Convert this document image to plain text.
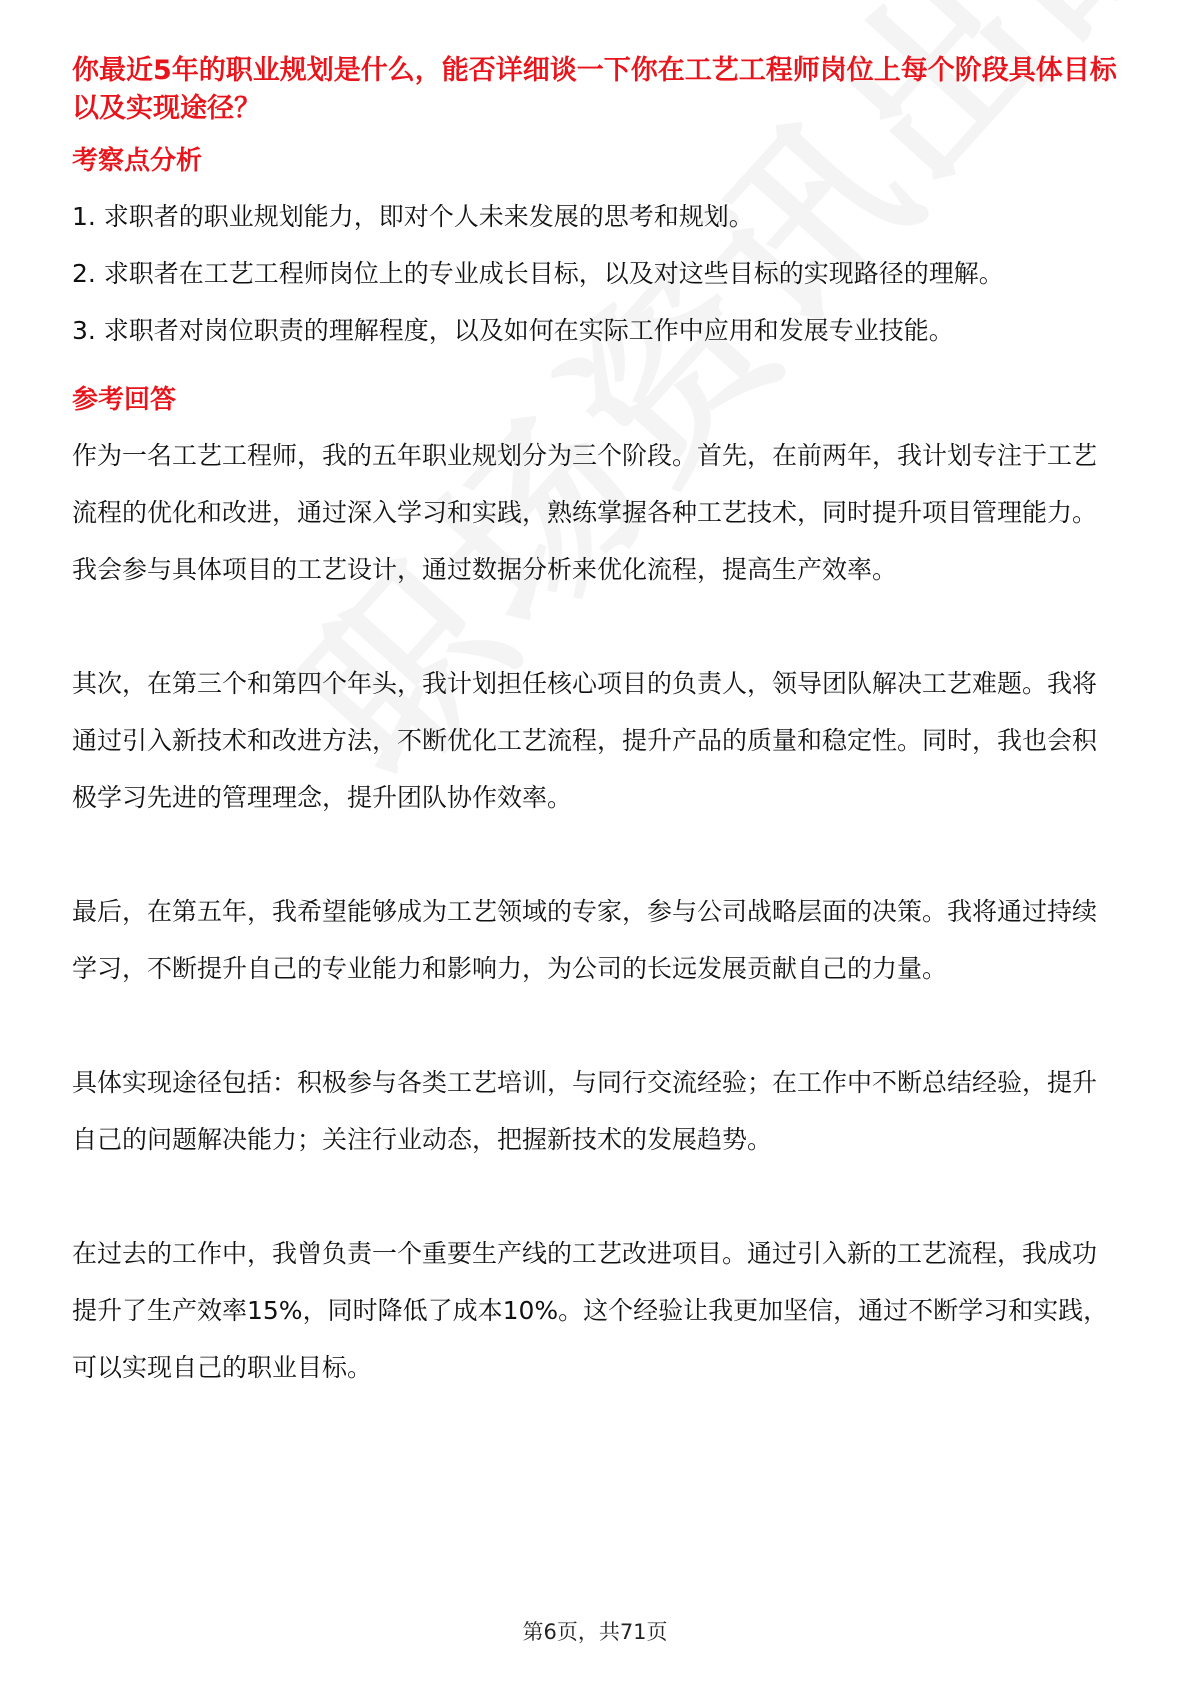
你最近5年的职业规划是什么，能否详细谈一下你在工艺工程师岗位上每个阶段具体目标以及实现途径？

考察点分析

1. 求职者的职业规划能力，即对个人未来发展的思考和规划。

2. 求职者在工艺工程师岗位上的专业成长目标，以及对这些目标的实现路径的理解。

3. 求职者对岗位职责的理解程度，以及如何在实际工作中应用和发展专业技能。

参考回答

作为一名工艺工程师，我的五年职业规划分为三个阶段。首先，在前两年，我计划专注于工艺流程的优化和改进，通过深入学习和实践，熟练掌握各种工艺技术，同时提升项目管理能力。我会参与具体项目的工艺设计，通过数据分析来优化流程，提高生产效率。

其次，在第三个和第四个年头，我计划担任核心项目的负责人，领导团队解决工艺难题。我将通过引入新技术和改进方法，不断优化工艺流程，提升产品的质量和稳定性。同时，我也会积极学习先进的管理理念，提升团队协作效率。

最后，在第五年，我希望能够成为工艺领域的专家，参与公司战略层面的决策。我将通过持续学习，不断提升自己的专业能力和影响力，为公司的长远发展贡献自己的力量。

具体实现途径包括：积极参与各类工艺培训，与同行交流经验；在工作中不断总结经验，提升自己的问题解决能力；关注行业动态，把握新技术的发展趋势。

在过去的工作中，我曾负责一个重要生产线的工艺改进项目。通过引入新的工艺流程，我成功提升了生产效率15%，同时降低了成本10%。这个经验让我更加坚信，通过不断学习和实践，可以实现自己的职业目标。

第6页，共71页
